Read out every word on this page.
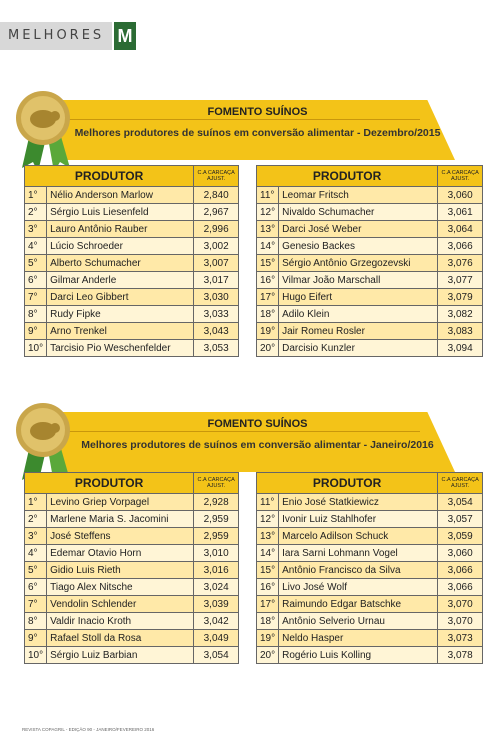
MELHORES M
FOMENTO SUÍNOS
Melhores produtores de suínos em conversão alimentar - Dezembro/2015
PRODUTOR		C.A CARCAÇA AJUST.
1°	Nélio Anderson Marlow	2,840
2°	Sérgio Luis Liesenfeld	2,967
3°	Lauro Antônio Rauber	2,996
4°	Lúcio Schroeder	3,002
5°	Alberto Schumacher	3,007
6°	Gilmar Anderle	3,017
7°	Darci Leo Gibbert	3,030
8°	Rudy Fipke	3,033
9°	Arno Trenkel	3,043
10°	Tarcisio Pio Weschenfelder	3,053
PRODUTOR		C.A CARCAÇA AJUST.
11°	Leomar Fritsch	3,060
12°	Nivaldo Schumacher	3,061
13°	Darci José Weber	3,064
14°	Genesio Backes	3,066
15°	Sérgio Antônio Grzegozevski	3,076
16°	Vilmar João Marschall	3,077
17°	Hugo Eifert	3,079
18°	Adilo Klein	3,082
19°	Jair Romeu Rosler	3,083
20°	Darcisio Kunzler	3,094
FOMENTO SUÍNOS
Melhores produtores de suínos em conversão alimentar - Janeiro/2016
PRODUTOR		C.A CARCAÇA AJUST.
1°	Levino Griep Vorpagel	2,928
2°	Marlene Maria S. Jacomini	2,959
3°	José Steffens	2,959
4°	Edemar Otavio Horn	3,010
5°	Gidio Luis Rieth	3,016
6°	Tiago Alex Nitsche	3,024
7°	Vendolin Schlender	3,039
8°	Valdir Inacio Kroth	3,042
9°	Rafael Stoll da Rosa	3,049
10°	Sérgio Luiz Barbian	3,054
PRODUTOR		C.A CARCAÇA AJUST.
11°	Enio José Statkiewicz	3,054
12°	Ivonir Luiz Stahlhofer	3,057
13°	Marcelo Adilson Schuck	3,059
14°	Iara Sarni Lohmann Vogel	3,060
15°	Antônio Francisco da Silva	3,066
16°	Livo José Wolf	3,066
17°	Raimundo Edgar Batschke	3,070
18°	Antônio Selverio Urnau	3,070
19°	Neldo Hasper	3,073
20°	Rogério Luis Kolling	3,078
REVISTA COPAGRIL - EDIÇÃO 90 - JANEIRO/FEVEREIRO 2016
